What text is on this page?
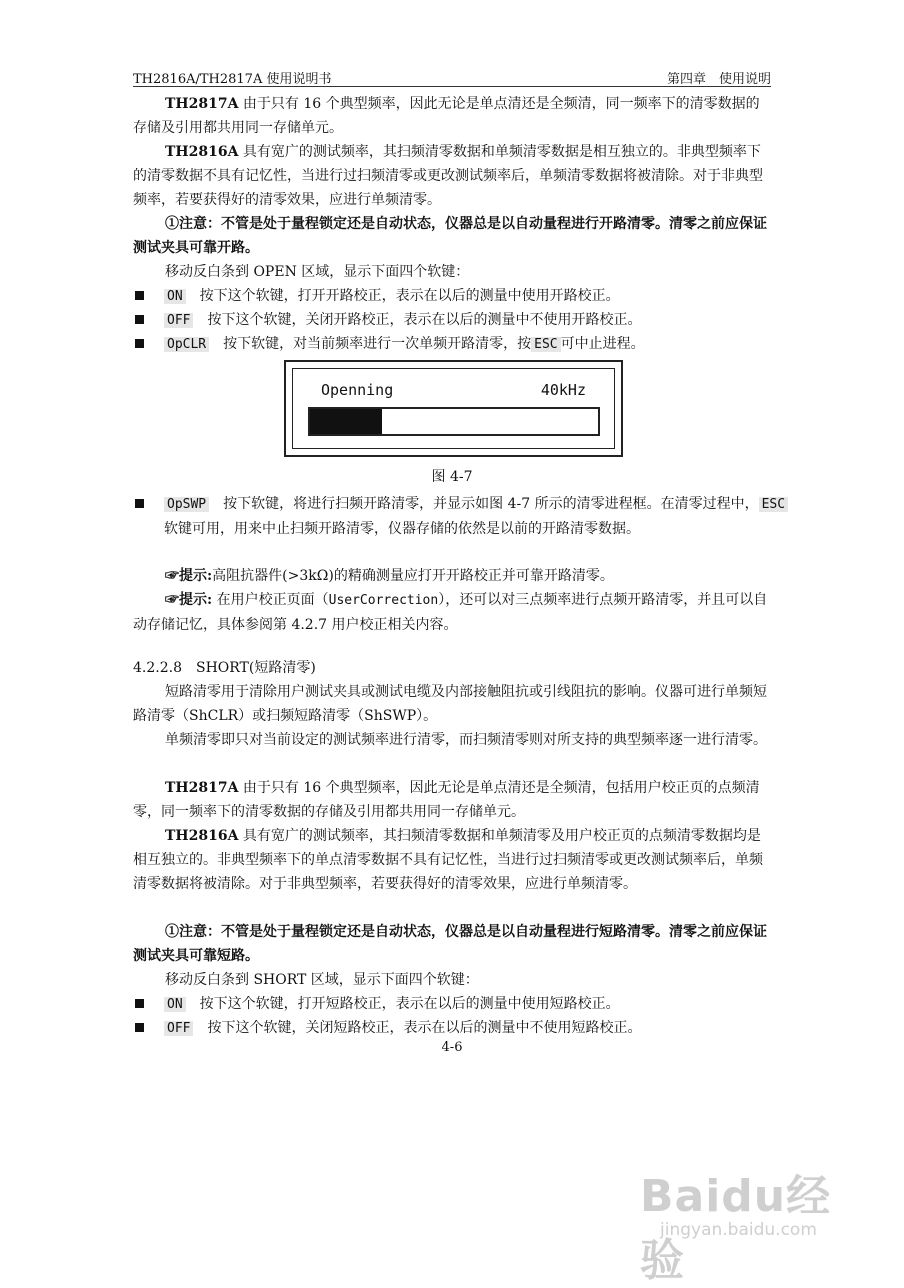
TH2816A/TH2817A 使用说明书	第四章　使用说明
TH2817A 由于只有 16 个典型频率，因此无论是单点清还是全频清，同一频率下的清零数据的存储及引用都共用同一存储单元。
TH2816A 具有宽广的测试频率，其扫频清零数据和单频清零数据是相互独立的。非典型频率下的清零数据不具有记忆性，当进行过扫频清零或更改测试频率后，单频清零数据将被清除。对于非典型频率，若要获得好的清零效果，应进行单频清零。
①注意：不管是处于量程锁定还是自动状态，仪器总是以自动量程进行开路清零。清零之前应保证测试夹具可靠开路。
移动反白条到 OPEN 区域，显示下面四个软键：
ON　按下这个软键，打开开路校正，表示在以后的测量中使用开路校正。
OFF　按下这个软键，关闭开路校正，表示在以后的测量中不使用开路校正。
OpCLR　按下软键，对当前频率进行一次单频开路清零，按 ESC 可中止进程。
Openning	40kHz
图 4-7
OpSWP　按下软键，将进行扫频开路清零，并显示如图 4-7 所示的清零进程框。在清零过程中， ESC 软键可用，用来中止扫频开路清零，仪器存储的依然是以前的开路清零数据。
☞提示:高阻抗器件(>3kΩ)的精确测量应打开开路校正并可靠开路清零。
☞提示: 在用户校正页面（UserCorrection），还可以对三点频率进行点频开路清零，并且可以自动存储记忆，具体参阅第 4.2.7 用户校正相关内容。
4.2.2.8　SHORT(短路清零)
短路清零用于清除用户测试夹具或测试电缆及内部接触阻抗或引线阻抗的影响。仪器可进行单频短路清零（ShCLR）或扫频短路清零（ShSWP）。
单频清零即只对当前设定的测试频率进行清零，而扫频清零则对所支持的典型频率逐一进行清零。
TH2817A 由于只有 16 个典型频率，因此无论是单点清还是全频清，包括用户校正页的点频清零，同一频率下的清零数据的存储及引用都共用同一存储单元。
TH2816A 具有宽广的测试频率，其扫频清零数据和单频清零及用户校正页的点频清零数据均是相互独立的。非典型频率下的单点清零数据不具有记忆性，当进行过扫频清零或更改测试频率后，单频清零数据将被清除。对于非典型频率，若要获得好的清零效果，应进行单频清零。
①注意：不管是处于量程锁定还是自动状态，仪器总是以自动量程进行短路清零。清零之前应保证测试夹具可靠短路。
移动反白条到 SHORT 区域，显示下面四个软键：
ON　按下这个软键，打开短路校正，表示在以后的测量中使用短路校正。
OFF　按下这个软键，关闭短路校正，表示在以后的测量中不使用短路校正。
4-6
Baidu经验
jingyan.baidu.com
